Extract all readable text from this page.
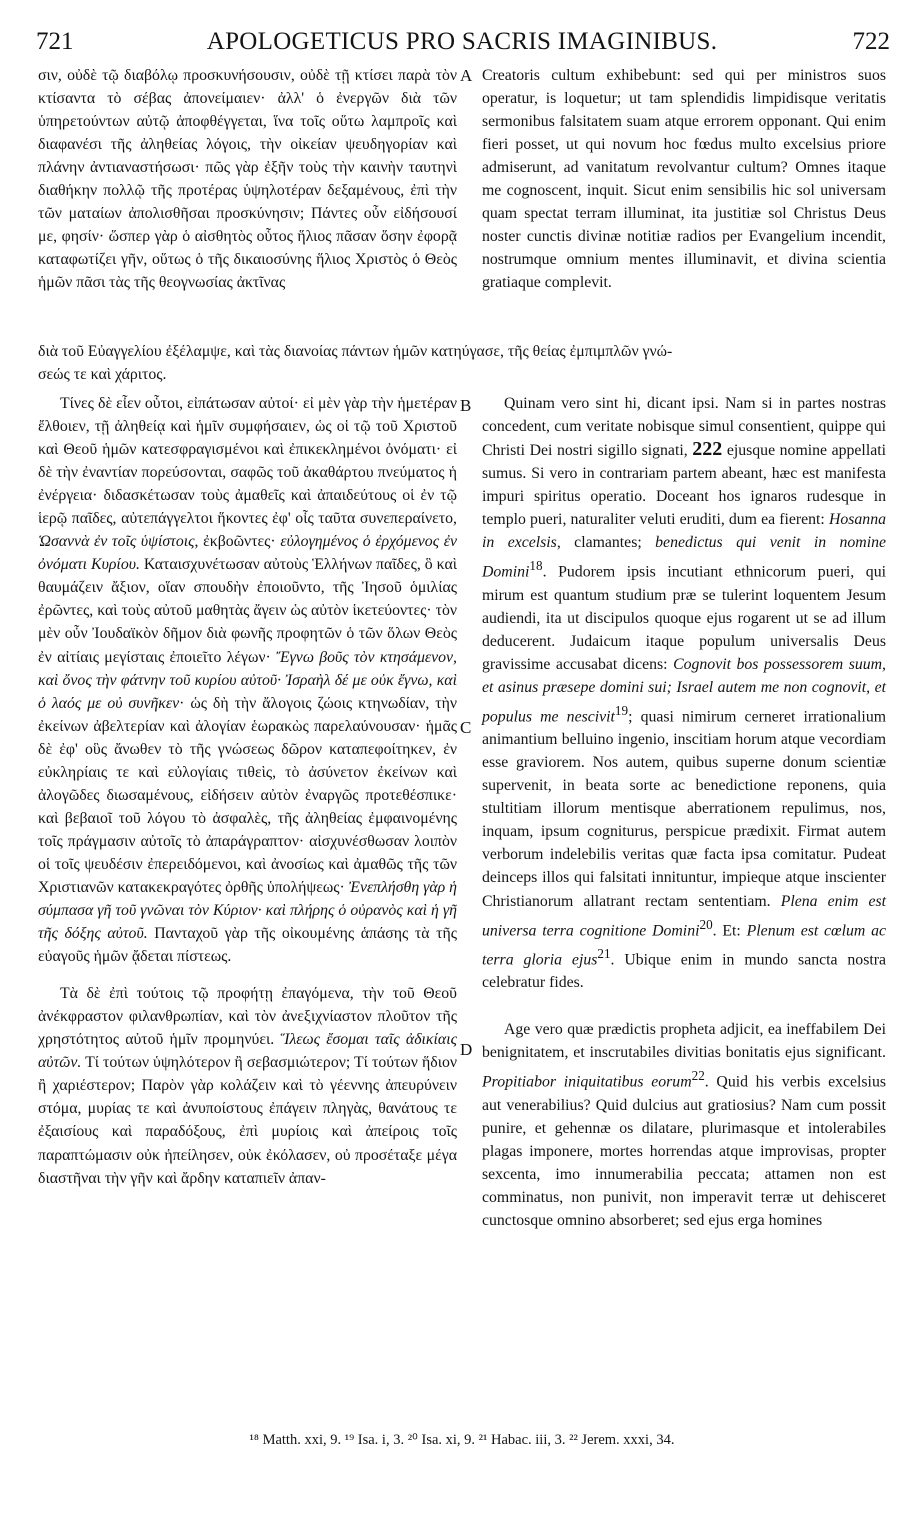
721	APOLOGETICUS PRO SACRIS IMAGINIBUS.	722

σιν, οὐδὲ τῷ διαβόλῳ προσκυνήσουσιν, οὐδὲ τῇ κτίσει παρὰ τὸν κτίσαντα τὸ σέβας ἀπονείμαιεν· ἀλλ' ὁ ἐνεργῶν διὰ τῶν ὑπηρετούντων αὐτῷ ἀποφθέγγεται, ἵνα τοῖς οὕτω λαμπροῖς καὶ διαφανέσι τῆς ἀληθείας λόγοις, τὴν οἰκείαν ψευδηγορίαν καὶ πλάνην ἀντιαναστήσωσι· πῶς γὰρ ἐξῆν τοὺς τὴν καινὴν ταυτηνὶ διαθήκην πολλῷ τῆς προτέρας ὑψηλοτέραν δεξαμένους, ἐπὶ τὴν τῶν ματαίων ἀπολισθῆσαι προσκύνησιν; Πάντες οὖν εἰδήσουσί με, φησίν· ὥσπερ γὰρ ὁ αἰσθητὸς οὗτος ἥλιος πᾶσαν ὅσην ἐφορᾷ καταφωτίζει γῆν, οὕτως ὁ τῆς δικαιοσύνης ἥλιος Χριστὸς ὁ Θεὸς ἡμῶν πᾶσι τὰς τῆς θεογνωσίας ἀκτῖνας

Creatoris cultum exhibebunt: sed qui per ministros suos operatur, is loquetur; ut tam splendidis limpidisque veritatis sermonibus falsitatem suam atque errorem opponant. Qui enim fieri posset, ut qui novum hoc fœdus multo excelsius priore admiserunt, ad vanitatum revolvantur cultum? Omnes itaque me cognoscent, inquit. Sicut enim sensibilis hic sol universam quam spectat terram illuminat, ita justitiæ sol Christus Deus noster cunctis divinæ notitiæ radios per Evangelium incendit, nostrumque omnium mentes illuminavit, et divina scientia gratiaque complevit.

διὰ τοῦ Εὐαγγελίου ἐξέλαμψε, καὶ τὰς διανοίας πάντων ἡμῶν κατηύγασε, τῆς θείας ἐμπιμπλῶν γνώ-
σεώς τε καὶ χάριτος.

Τίνες δὲ εἶεν οὗτοι, εἰπάτωσαν αὐτοί· εἰ μὲν γὰρ τὴν ἡμετέραν ἔλθοιεν, τῇ ἀληθείᾳ καὶ ἡμῖν συμφήσαιεν, ὡς οἱ τῷ τοῦ Χριστοῦ καὶ Θεοῦ ἡμῶν κατεσφραγισμένοι καὶ ἐπικεκλημένοι ὀνόματι· εἰ δὲ τὴν ἐναντίαν πορεύσονται, σαφῶς τοῦ ἀκαθάρτου πνεύματος ἡ ἐνέργεια· διδασκέτωσαν τοὺς ἀμαθεῖς καὶ ἀπαιδεύτους οἱ ἐν τῷ ἱερῷ παῖδες, αὐτεπάγγελτοι ἥκοντες ἐφ' οἷς ταῦτα συνεπεραίνετο, Ὡσαννὰ ἐν τοῖς ὑψίστοις, ἐκβοῶντες· εὐλογημένος ὁ ἐρχόμενος ἐν ὀνόματι Κυρίου. Καταισχυνέτωσαν αὐτοὺς Ἑλλήνων παῖδες, ὃ καὶ θαυμάζειν ἄξιον, οἵαν σπουδὴν ἐποιοῦντο, τῆς Ἰησοῦ ὁμιλίας ἐρῶντες, καὶ τοὺς αὐτοῦ μαθητὰς ἄγειν ὡς αὐτὸν ἱκετεύοντες· τὸν μὲν οὖν Ἰουδαϊκὸν δῆμον διὰ φωνῆς προφητῶν ὁ τῶν ὅλων Θεὸς ἐν αἰτίαις μεγίσταις ἐποιεῖτο λέγων· Ἔγνω βοῦς τὸν κτησάμενον, καὶ ὄνος τὴν φάτνην τοῦ κυρίου αὐτοῦ· Ἰσραὴλ δέ με οὐκ ἔγνω, καὶ ὁ λαός με οὐ συνῆκεν· ὡς δὴ τὴν ἄλογοις ζώοις κτηνωδίαν, τὴν ἐκείνων ἀβελτερίαν καὶ ἀλογίαν ἑωρακὼς παρελαύνουσαν· ἡμᾶς δὲ ἐφ' οὓς ἄνωθεν τὸ τῆς γνώσεως δῶρον καταπεφοίτηκεν, ἐν εὐκληρίαις τε καὶ εὐλογίαις τιθεὶς, τὸ ἀσύνετον ἐκείνων καὶ ἀλογῶδες διωσαμένους, εἰδήσειν αὐτὸν ἐναργῶς προτεθέσπικε· καὶ βεβαιοῖ τοῦ λόγου τὸ ἀσφαλὲς, τῆς ἀληθείας ἐμφαινομένης τοῖς πράγμασιν αὐτοῖς τὸ ἀπαράγραπτον· αἰσχυνέσθωσαν λοιπὸν οἱ τοῖς ψευδέσιν ἐπερειδόμενοι, καὶ ἀνοσίως καὶ ἀμαθῶς τῆς τῶν Χριστιανῶν κατακεκραγότες ὀρθῆς ὑπολήψεως· Ἐνεπλήσθη γὰρ ἡ σύμπασα γῆ τοῦ γνῶναι τὸν Κύριον· καὶ πλήρης ὁ οὐρανὸς καὶ ἡ γῆ τῆς δόξης αὐτοῦ. Πανταχοῦ γὰρ τῆς οἰκουμένης ἁπάσης τὰ τῆς εὐαγοῦς ἡμῶν ᾄδεται πίστεως.

Τὰ δὲ ἐπὶ τούτοις τῷ προφήτῃ ἐπαγόμενα, τὴν τοῦ Θεοῦ ἀνέκφραστον φιλανθρωπίαν, καὶ τὸν ἀνεξιχνίαστον πλοῦτον τῆς χρηστότητος αὐτοῦ ἡμῖν προμηνύει. Ἵλεως ἔσομαι ταῖς ἀδικίαις αὐτῶν. Τί τούτων ὑψηλότερον ἢ σεβασμιώτερον; Τί τούτων ἥδιον ἢ χαριέστερον; Παρὸν γὰρ κολάζειν καὶ τὸ γέεννης ἀπευρύνειν στόμα, μυρίας τε καὶ ἀνυποίστους ἐπάγειν πληγὰς, θανάτους τε ἐξαισίους καὶ παραδόξους, ἐπὶ μυρίοις καὶ ἀπείροις τοῖς παραπτώμασιν οὐκ ἠπείλησεν, οὐκ ἐκόλασεν, οὐ προσέταξε μέγα διαστῆναι τὴν γῆν καὶ ἄρδην καταπιεῖν ἀπαν-

Quinam vero sint hi, dicant ipsi. Nam si in partes nostras concedent, cum veritate nobisque simul consentient, quippe qui Christi Dei nostri sigillo signati, 222 ejusque nomine appellati sumus. Si vero in contrariam partem abeant, hæc est manifesta impuri spiritus operatio. Doceant hos ignaros rudesque in templo pueri, naturaliter veluti eruditi, dum ea fierent: Hosanna in excelsis, clamantes; benedictus qui venit in nomine Domini$^{18}$. Pudorem ipsis incutiant ethnicorum pueri, qui mirum est quantum studium præ se tulerint loquentem Jesum audiendi, ita ut discipulos quoque ejus rogarent ut se ad illum deducerent. Judaicum itaque populum universalis Deus gravissime accusabat dicens: Cognovit bos possessorem suum, et asinus præsepe domini sui; Israel autem me non cognovit, et populus me nescivit$^{19}$; quasi nimirum cerneret irrationalium animantium belluino ingenio, inscitiam horum atque vecordiam esse graviorem. Nos autem, quibus superne donum scientiæ supervenit, in beata sorte ac benedictione reponens, quia stultitiam illorum mentisque aberrationem repulimus, nos, inquam, ipsum cogniturus, perspicue prædixit. Firmat autem verborum indelebilis veritas quæ facta ipsa comitatur. Pudeat deinceps illos qui falsitati innituntur, impieque atque inscienter Christianorum allatrant rectam sententiam. Plena enim est universa terra cognitione Domini$^{20}$. Et: Plenum est cœlum ac terra gloria ejus$^{21}$. Ubique enim in mundo sancta nostra celebratur fides.

Age vero quæ prædictis propheta adjicit, ea ineffabilem Dei benignitatem, et inscrutabiles divitias bonitatis ejus significant. Propitiabor iniquitatibus eorum$^{22}$. Quid his verbis excelsius aut venerabilius? Quid dulcius aut gratiosius? Nam cum possit punire, et gehennæ os dilatare, plurimasque et intolerabiles plagas imponere, mortes horrendas atque improvisas, propter sexcenta, imo innumerabilia peccata; attamen non est comminatus, non punivit, non imperavit terræ ut dehisceret cunctosque omnino absorberet; sed ejus erga homines

A
B
C
D
¹⁸ Matth. xxi, 9. ¹⁹ Isa. i, 3. ²⁰ Isa. xi, 9. ²¹ Habac. iii, 3. ²² Jerem. xxxi, 34.
